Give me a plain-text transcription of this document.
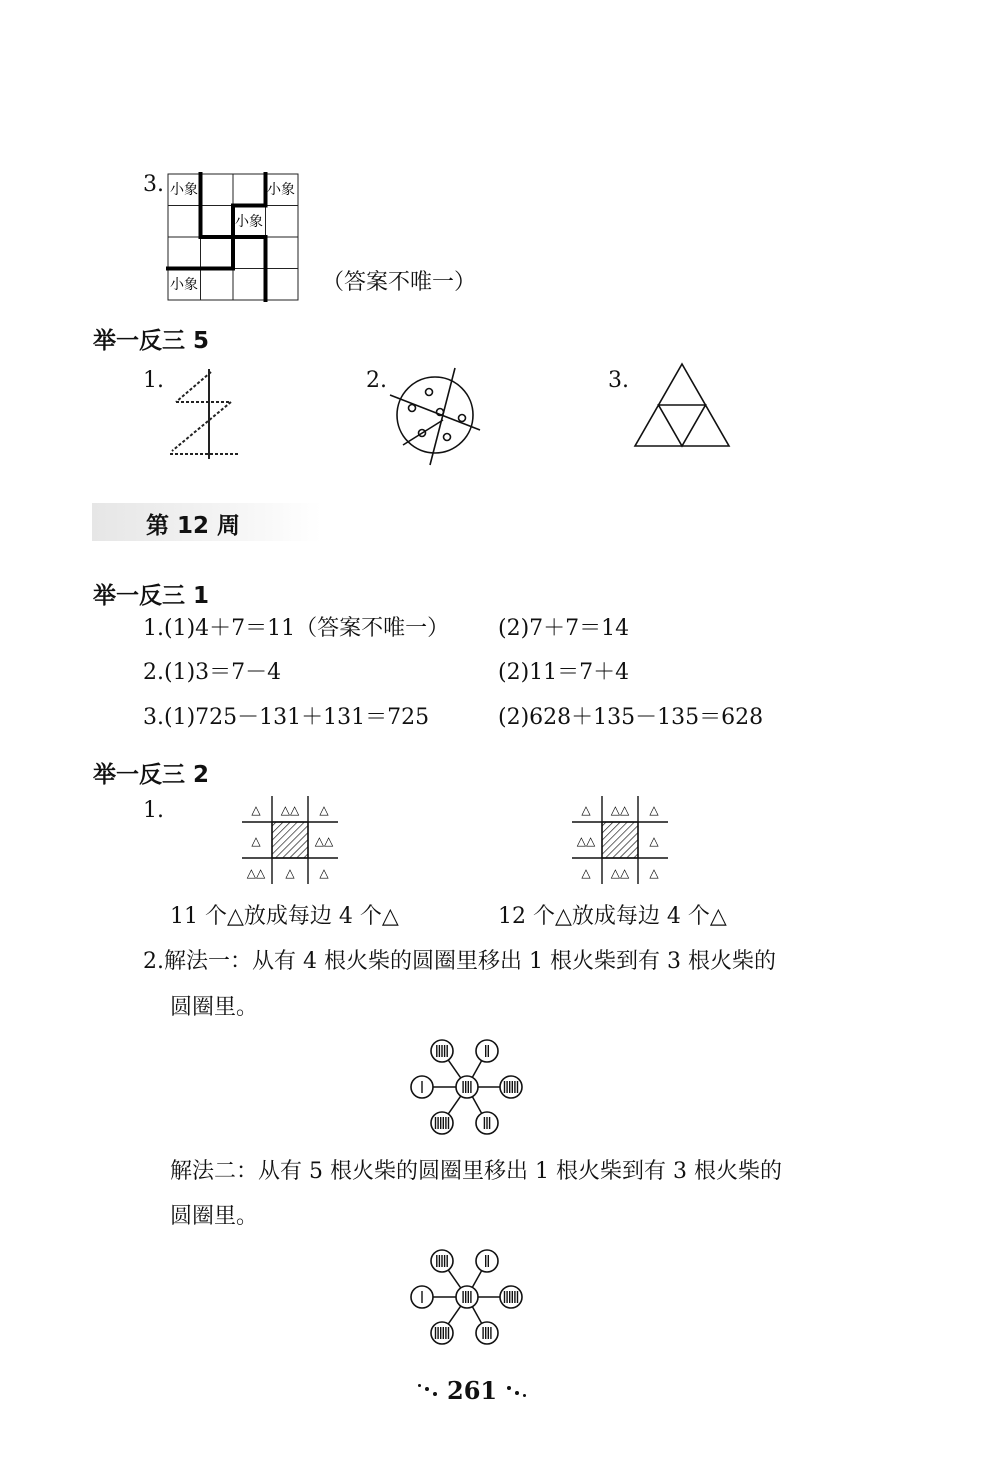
3. 小象	小象
小象
小象	（答案不唯一）
举一反三 5
1.	2.	3.
第 12 周
举一反三 1
1.(1)4＋7＝11（答案不唯一） (2)7＋7＝14
2.(1)3＝7－4	(2)11＝7＋4
3.(1)725－131＋131＝725	(2)628＋135－135＝628
举一反三 2
1.	△ △△ △
△	△△
△△ △ △
△ △△ △
△△	△
△ △△ △
11 个△放成每边 4 个△	12 个△放成每边 4 个△
2.解法一：从有 4 根火柴的圆圈里移出 1 根火柴到有 3 根火柴的
圆圈里。
解法二：从有 5 根火柴的圆圈里移出 1 根火柴到有 3 根火柴的
圆圈里。
261
